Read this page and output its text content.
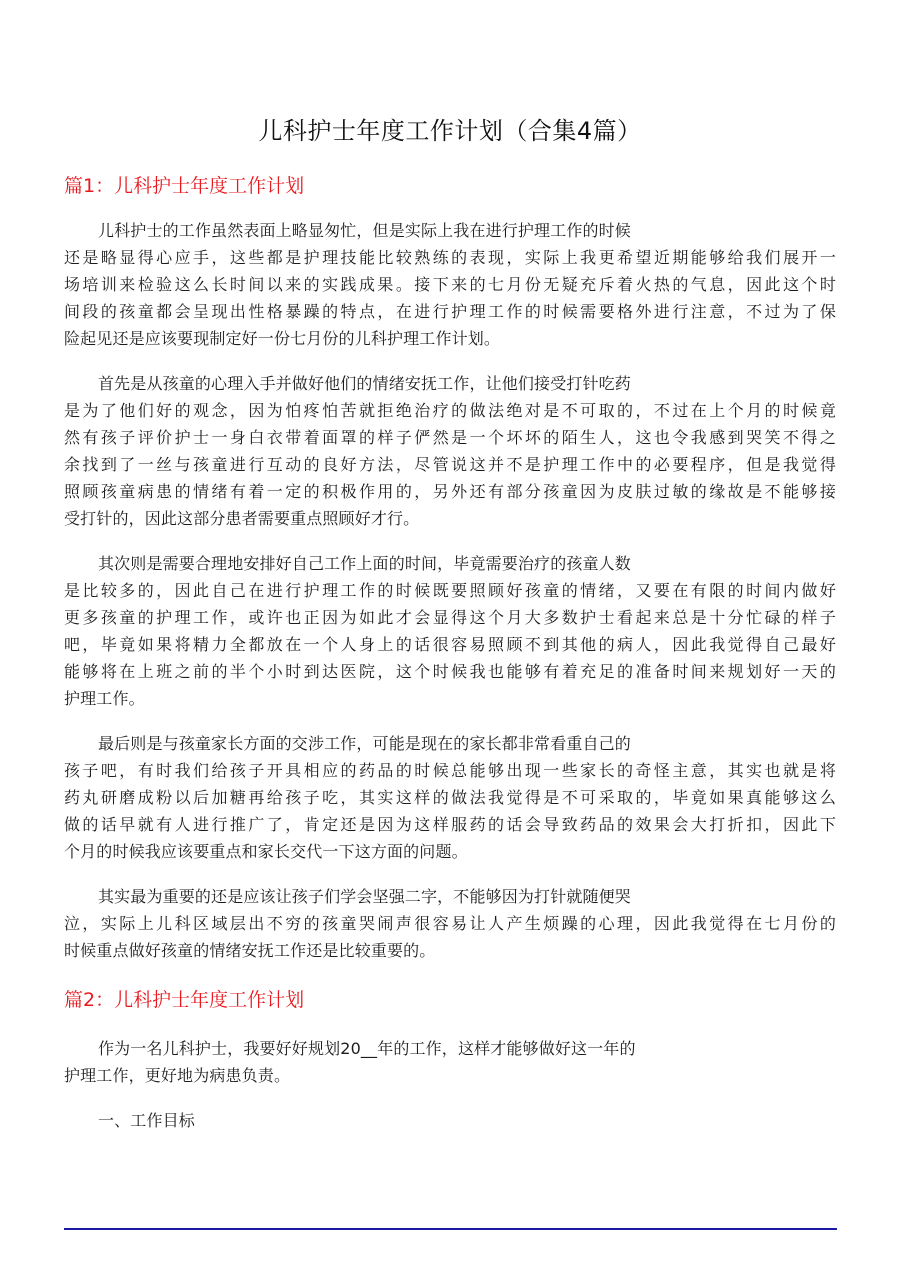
儿科护士年度工作计划（合集4篇）
篇1：儿科护士年度工作计划
儿科护士的工作虽然表面上略显匆忙，但是实际上我在进行护理工作的时候
还是略显得心应手，这些都是护理技能比较熟练的表现，实际上我更希望近期能够给我们展开一
场培训来检验这么长时间以来的实践成果。接下来的七月份无疑充斥着火热的气息，因此这个时
间段的孩童都会呈现出性格暴躁的特点，在进行护理工作的时候需要格外进行注意，不过为了保
险起见还是应该要现制定好一份七月份的儿科护理工作计划。
首先是从孩童的心理入手并做好他们的情绪安抚工作，让他们接受打针吃药
是为了他们好的观念，因为怕疼怕苦就拒绝治疗的做法绝对是不可取的，不过在上个月的时候竟
然有孩子评价护士一身白衣带着面罩的样子俨然是一个坏坏的陌生人，这也令我感到哭笑不得之
余找到了一丝与孩童进行互动的良好方法，尽管说这并不是护理工作中的必要程序，但是我觉得
照顾孩童病患的情绪有着一定的积极作用的，另外还有部分孩童因为皮肤过敏的缘故是不能够接
受打针的，因此这部分患者需要重点照顾好才行。
其次则是需要合理地安排好自己工作上面的时间，毕竟需要治疗的孩童人数
是比较多的，因此自己在进行护理工作的时候既要照顾好孩童的情绪，又要在有限的时间内做好
更多孩童的护理工作，或许也正因为如此才会显得这个月大多数护士看起来总是十分忙碌的样子
吧，毕竟如果将精力全都放在一个人身上的话很容易照顾不到其他的病人，因此我觉得自己最好
能够将在上班之前的半个小时到达医院，这个时候我也能够有着充足的准备时间来规划好一天的
护理工作。
最后则是与孩童家长方面的交涉工作，可能是现在的家长都非常看重自己的
孩子吧，有时我们给孩子开具相应的药品的时候总能够出现一些家长的奇怪主意，其实也就是将
药丸研磨成粉以后加糖再给孩子吃，其实这样的做法我觉得是不可采取的，毕竟如果真能够这么
做的话早就有人进行推广了，肯定还是因为这样服药的话会导致药品的效果会大打折扣，因此下
个月的时候我应该要重点和家长交代一下这方面的问题。
其实最为重要的还是应该让孩子们学会坚强二字，不能够因为打针就随便哭
泣，实际上儿科区域层出不穷的孩童哭闹声很容易让人产生烦躁的心理，因此我觉得在七月份的
时候重点做好孩童的情绪安抚工作还是比较重要的。
篇2：儿科护士年度工作计划
作为一名儿科护士，我要好好规划20__年的工作，这样才能够做好这一年的
护理工作，更好地为病患负责。
一、工作目标
